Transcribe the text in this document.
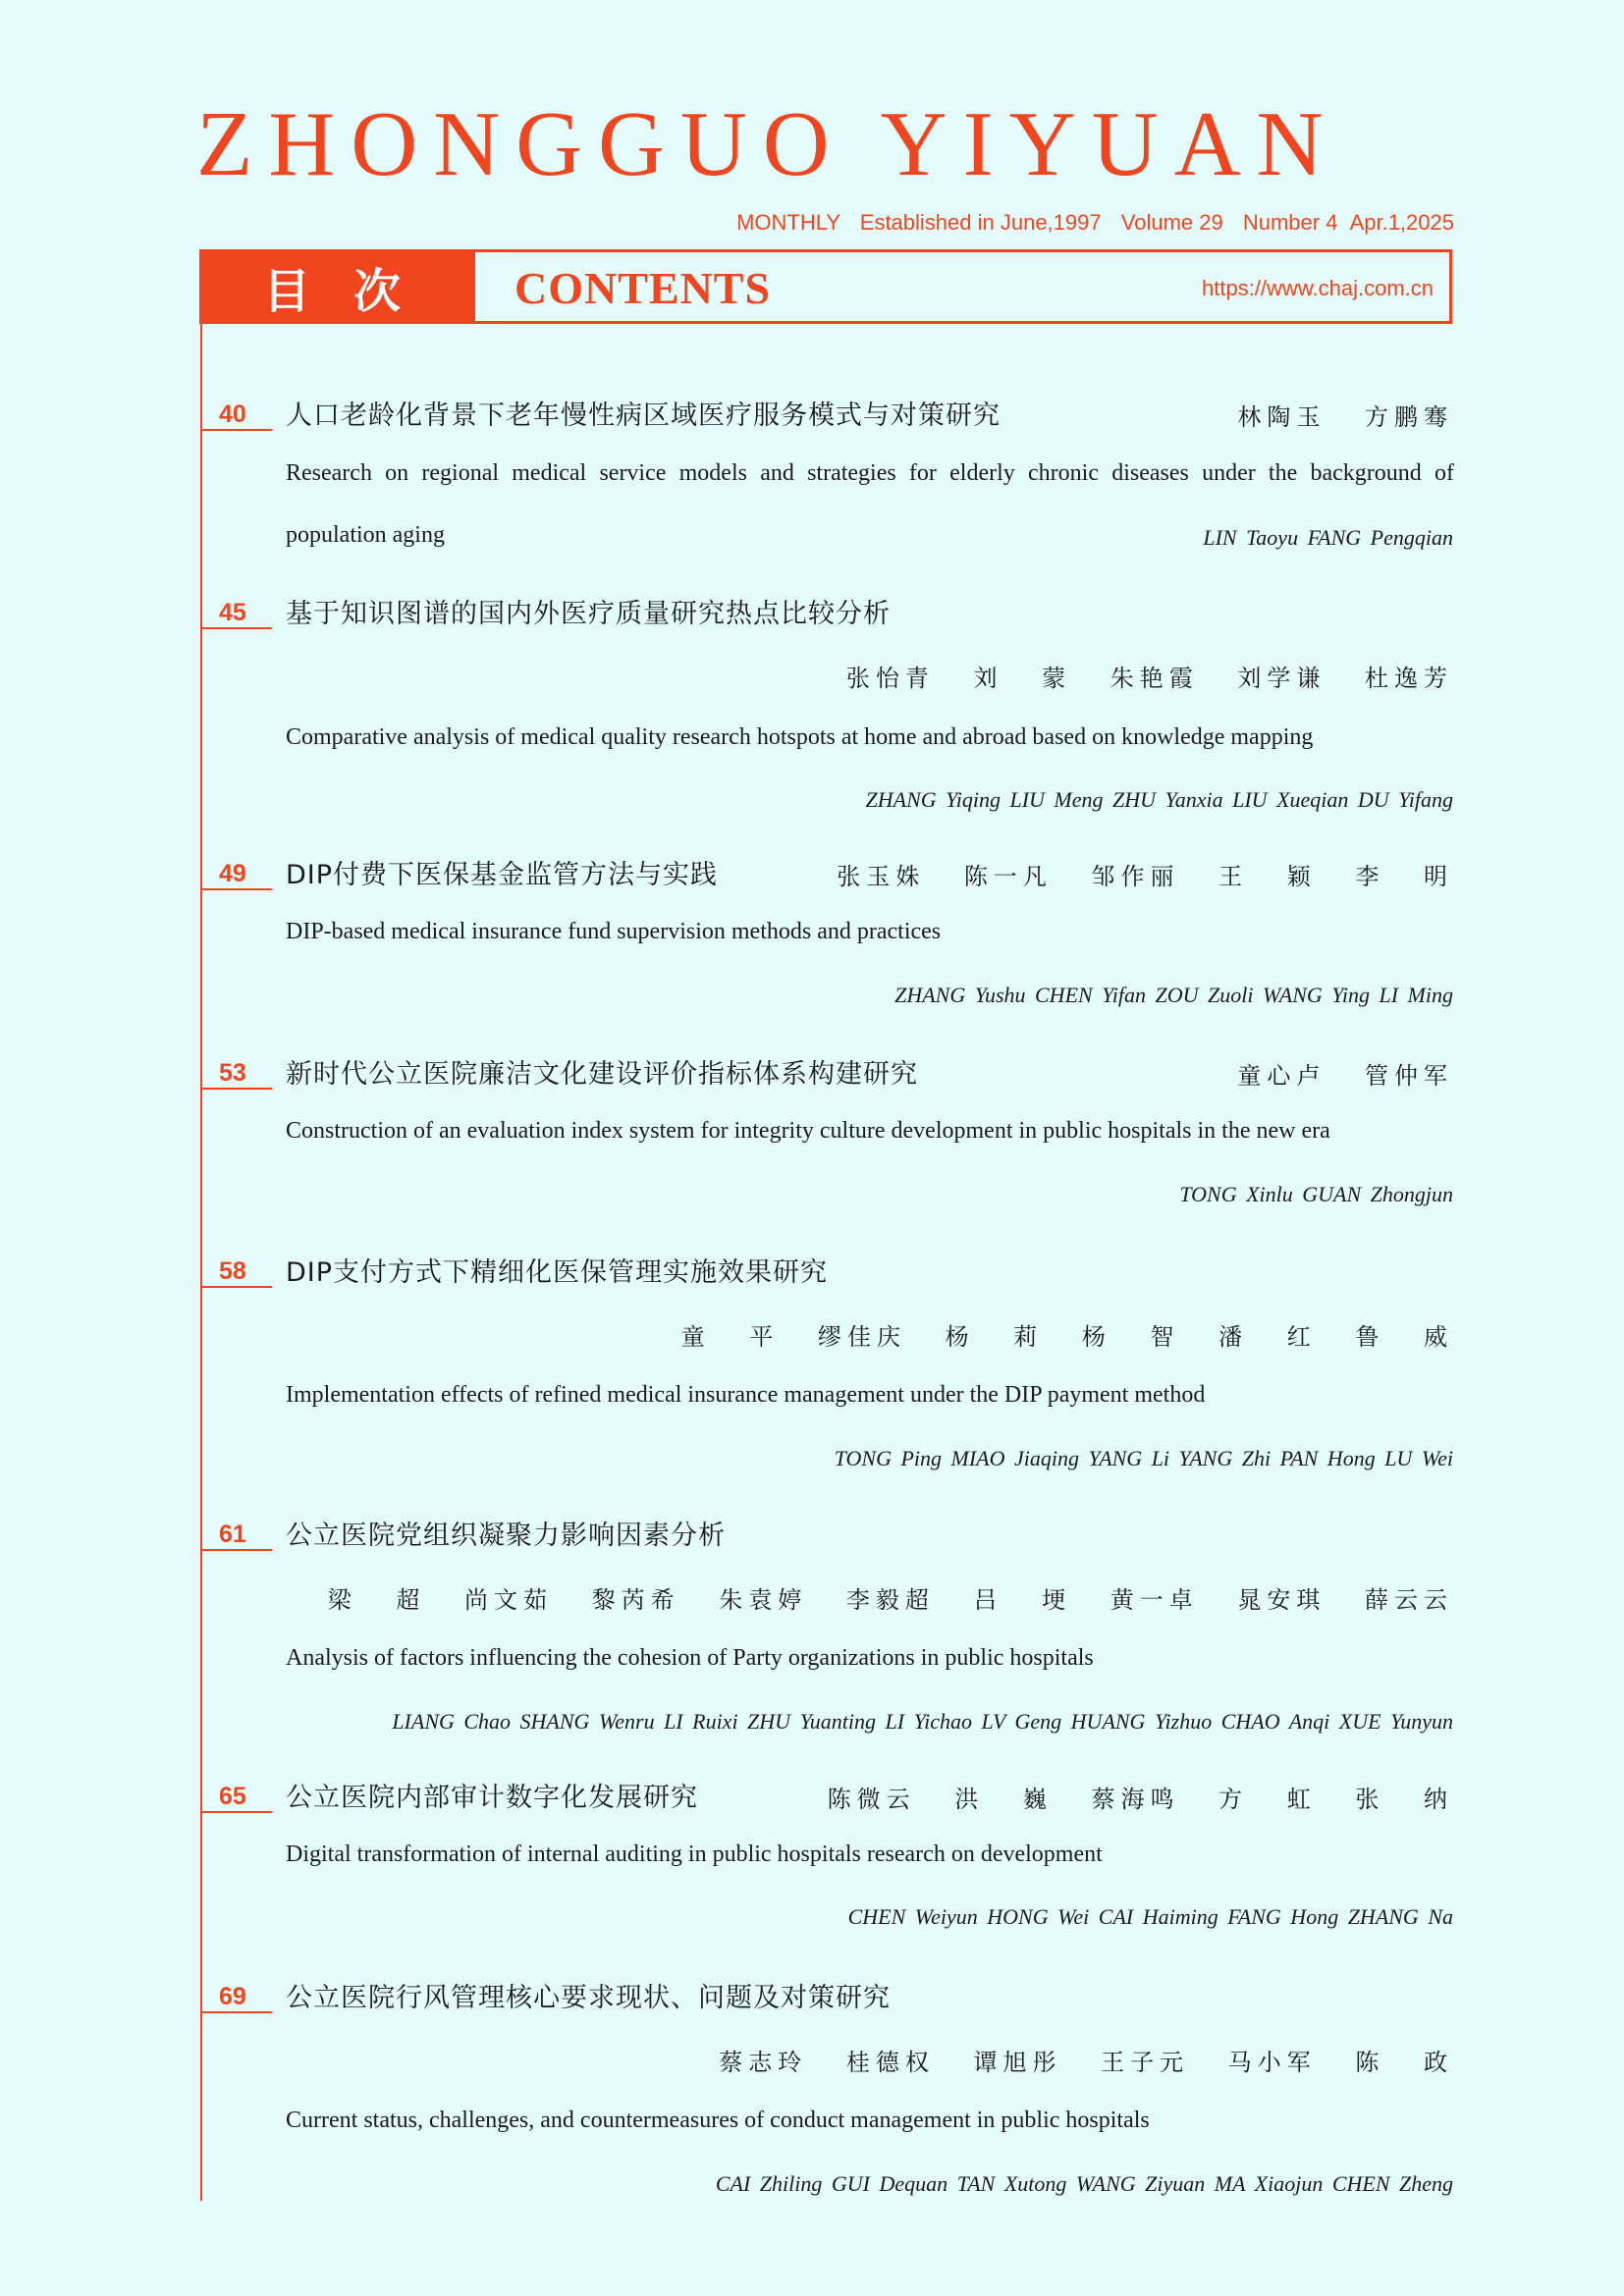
ZHONGGUO YIYUAN
MONTHLY Established in June,1997 Volume 29 Number 4 Apr.1,2025
目次	CONTENTS	https://www.chaj.com.cn
40	人口老龄化背景下老年慢性病区域医疗服务模式与对策研究	林陶玉 方鹏骞
Research on regional medical service models and strategies for elderly chronic diseases under the background of population aging	LIN Taoyu FANG Pengqian
45	基于知识图谱的国内外医疗质量研究热点比较分析
张怡青 刘 蒙 朱艳霞 刘学谦 杜逸芳
Comparative analysis of medical quality research hotspots at home and abroad based on knowledge mapping
ZHANG Yiqing LIU Meng ZHU Yanxia LIU Xueqian DU Yifang
49	DIP付费下医保基金监管方法与实践	张玉姝 陈一凡 邹作丽 王 颖 李 明
DIP-based medical insurance fund supervision methods and practices
ZHANG Yushu CHEN Yifan ZOU Zuoli WANG Ying LI Ming
53	新时代公立医院廉洁文化建设评价指标体系构建研究	童心卢 管仲军
Construction of an evaluation index system for integrity culture development in public hospitals in the new era
TONG Xinlu GUAN Zhongjun
58	DIP支付方式下精细化医保管理实施效果研究
童 平 缪佳庆 杨 莉 杨 智 潘 红 鲁 威
Implementation effects of refined medical insurance management under the DIP payment method
TONG Ping MIAO Jiaqing YANG Li YANG Zhi PAN Hong LU Wei
61	公立医院党组织凝聚力影响因素分析
梁 超 尚文茹 黎芮希 朱袁婷 李毅超 吕 埂 黄一卓 晁安琪 薛云云
Analysis of factors influencing the cohesion of Party organizations in public hospitals
LIANG Chao SHANG Wenru LI Ruixi ZHU Yuanting LI Yichao LV Geng HUANG Yizhuo CHAO Anqi XUE Yunyun
65	公立医院内部审计数字化发展研究	陈微云 洪 巍 蔡海鸣 方 虹 张 纳
Digital transformation of internal auditing in public hospitals research on development
CHEN Weiyun HONG Wei CAI Haiming FANG Hong ZHANG Na
69	公立医院行风管理核心要求现状、问题及对策研究
蔡志玲 桂德权 谭旭彤 王子元 马小军 陈 政
Current status, challenges, and countermeasures of conduct management in public hospitals
CAI Zhiling GUI Dequan TAN Xutong WANG Ziyuan MA Xiaojun CHEN Zheng
